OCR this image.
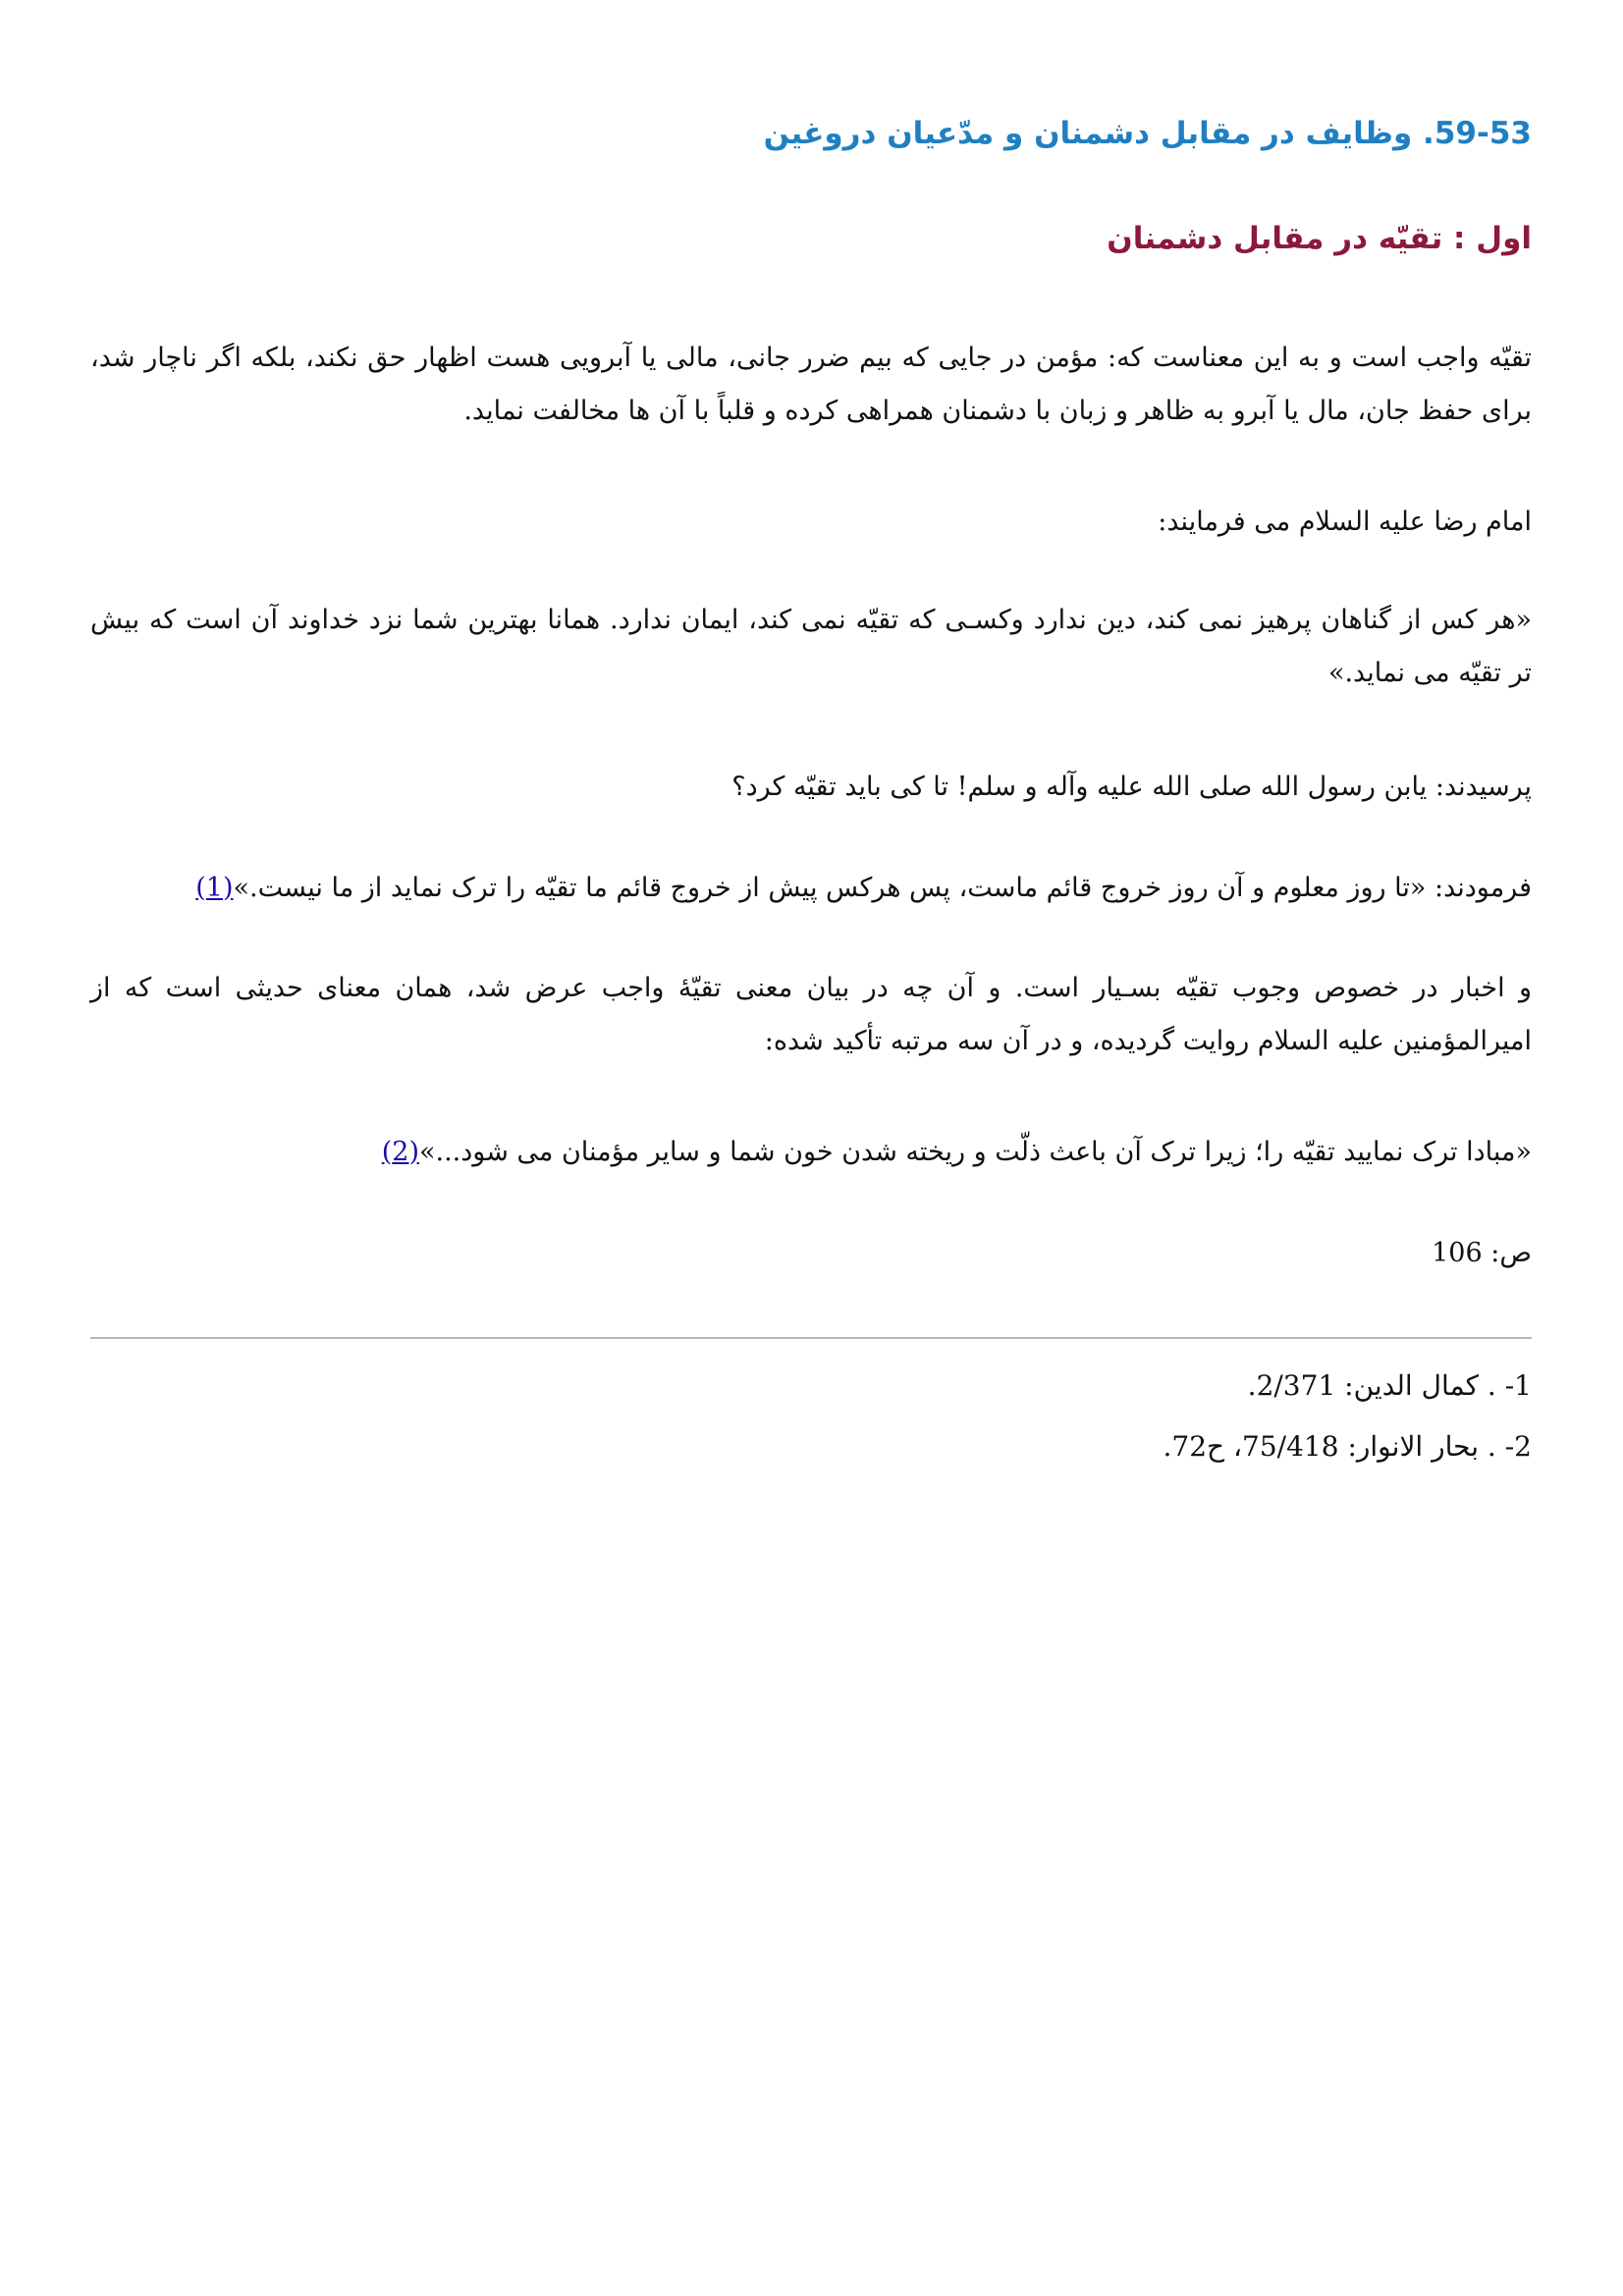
59-53. وظایف در مقابل دشمنان و مدّعیان دروغین
اول : تقیّه در مقابل دشمنان

تقیّه واجب است و به این معناست که: مؤمن در جایی که بیم ضرر جانی، مالی یا آبرویی هست اظهار حق نکند، بلکه اگر ناچار شد، برای حفظ جان، مال یا آبرو به ظاهر و زبان با دشمنان همراهی کرده و قلباً با آن ها مخالفت نماید.

امام رضا علیه السلام می فرمایند:

«هر کس از گناهان پرهیز نمی کند، دین ندارد وکسـی که تقیّه نمی کند، ایمان ندارد. همانا بهترین شما نزد خداوند آن است که بیش تر تقیّه می نماید.»

پرسیدند: یابن رسول الله صلی الله علیه وآله و سلم! تا کی باید تقیّه کرد؟

فرمودند: «تا روز معلوم و آن روز خروج قائم ماست، پس هرکس پیش از خروج قائم ما تقیّه را ترک نماید از ما نیست.»(1)

و اخبار در خصوص وجوب تقیّه بسـیار است. و آن چه در بیان معنی تقیّهٔ واجب عرض شد، همان معنای حدیثی است که از امیرالمؤمنین علیه السلام روایت گردیده، و در آن سه مرتبه تأکید شده:

«مبادا ترک نمایید تقیّه را؛ زیرا ترک آن باعث ذلّت و ریخته شدن خون شما و سایر مؤمنان می شود...»(2)

ص: 106

1- . کمال الدین: 2/371.

2- . بحار الانوار: 75/418، ح72.
